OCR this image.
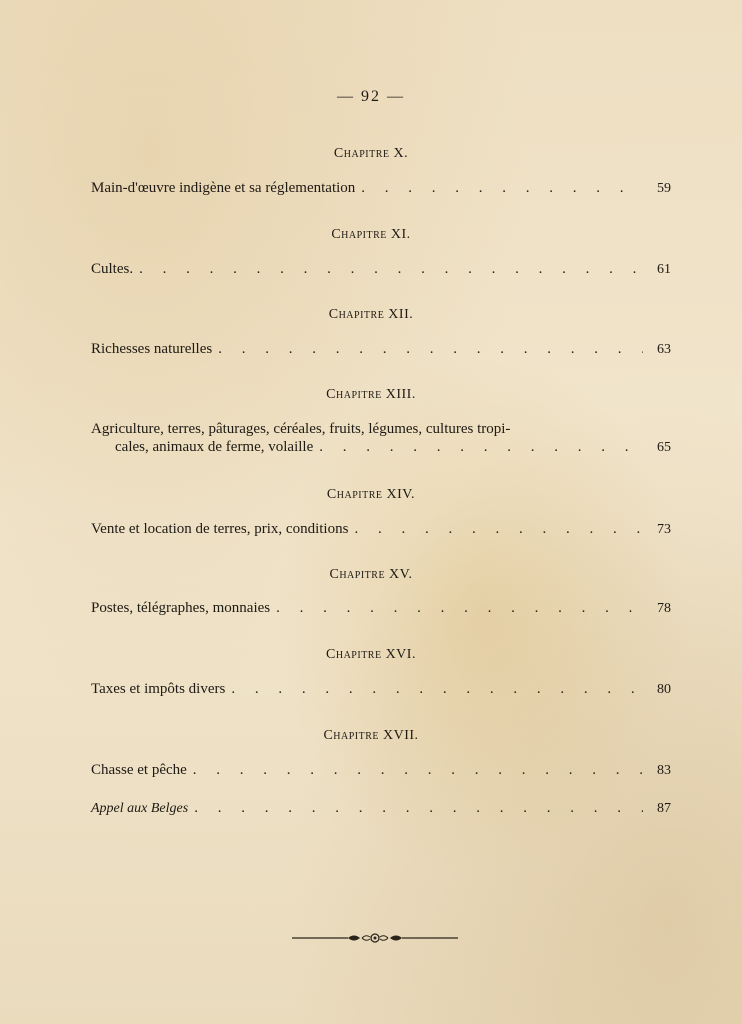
— 92 —
Chapitre X.
Main-d'œuvre indigène et sa réglementation . . .	59
Chapitre XI.
Cultes. . . .	61
Chapitre XII.
Richesses naturelles . . .	63
Chapitre XIII.
Agriculture, terres, pâturages, céréales, fruits, légumes, cultures tropi-
cales, animaux de ferme, volaille . . .	65
Chapitre XIV.
Vente et location de terres, prix, conditions . . .	73
Chapitre XV.
Postes, télégraphes, monnaies . . .	78
Chapitre XVI.
Taxes et impôts divers . . .	80
Chapitre XVII.
Chasse et pêche . . .	83
Appel aux Belges . . .	87
